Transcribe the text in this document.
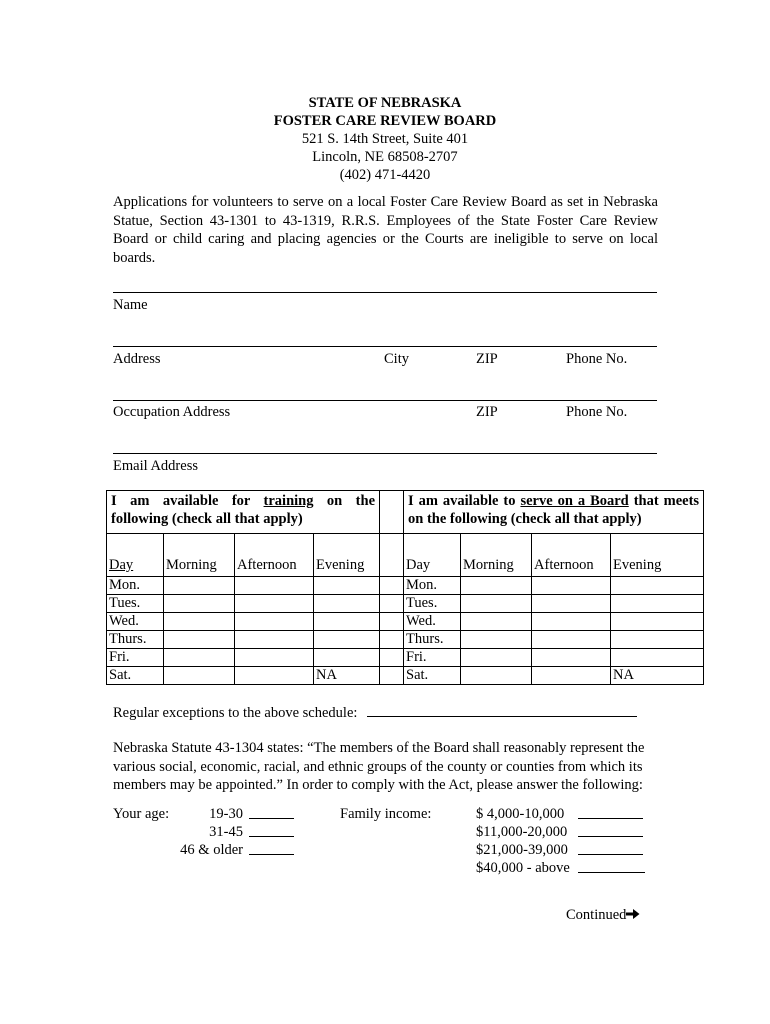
STATE OF NEBRASKA
FOSTER CARE REVIEW BOARD
521 S. 14th Street, Suite 401
Lincoln, NE 68508-2707
(402) 471-4420
Applications for volunteers to serve on a local Foster Care Review Board as set in Nebraska Statue, Section 43-1301 to 43-1319, R.R.S. Employees of the State Foster Care Review Board or child caring and placing agencies or the Courts are ineligible to serve on local boards.
Name
Address	City	ZIP	Phone No.
Occupation Address	ZIP	Phone No.
Email Address
I am available for training on the following (check all that apply)					I am available to serve on a Board that meets on the following (check all that apply)			
Day	Morning	Afternoon	Evening		Day	Morning	Afternoon	Evening
Mon.					Mon.			
Tues.					Tues.			
Wed.					Wed.			
Thurs.					Thurs.			
Fri.					Fri.			
Sat.			NA		Sat.			NA
Regular exceptions to the above schedule:
Nebraska Statute 43-1304 states: “The members of the Board shall reasonably represent the various social, economic, racial, and ethnic groups of the county or counties from which its members may be appointed.” In order to comply with the Act, please answer the following:
Your age:	19-30
31-45
46 & older
Family income:	$ 4,000-10,000
$11,000-20,000
$21,000-39,000
$40,000 - above
Continued
